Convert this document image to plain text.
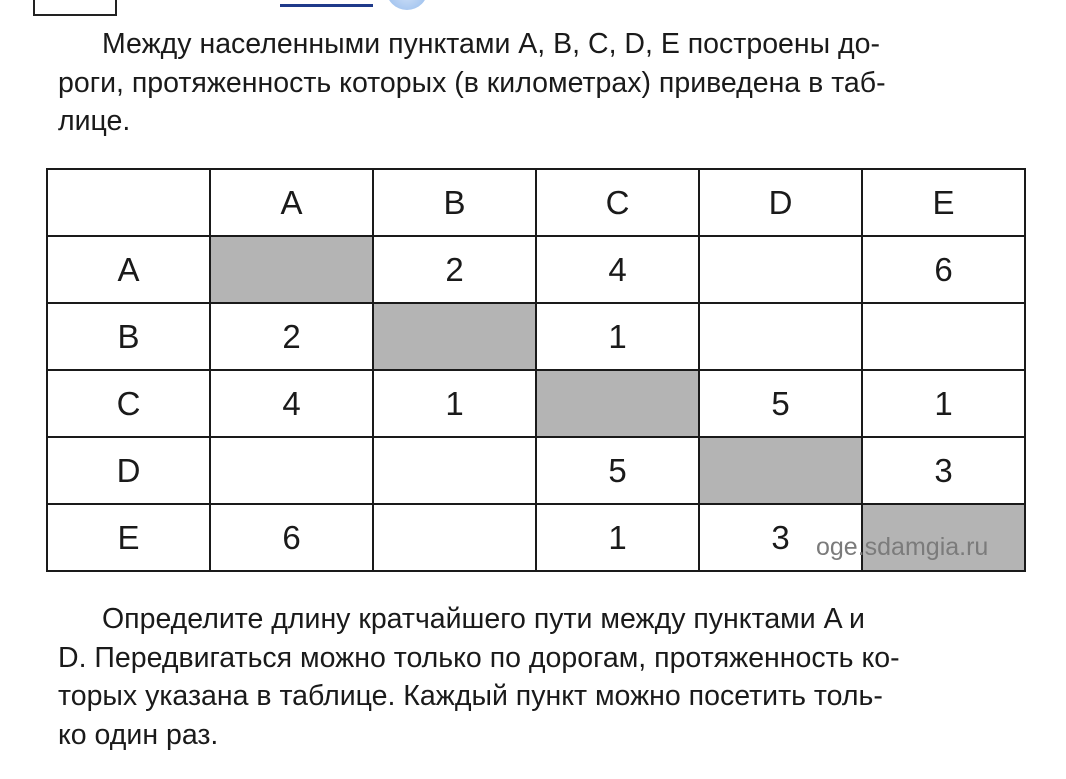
Между населенными пунктами A, B, C, D, E построены до-
роги, протяженность которых (в километрах) приведена в таб-
лице.

	A	B	C	D	E
A		2	4		6
B	2		1		
C	4	1		5	1
D			5		3
E	6		1	3	oge.sdamgia.ru

Определите длину кратчайшего пути между пунктами A и
D. Передвигаться можно только по дорогам, протяженность ко-
торых указана в таблице. Каждый пункт можно посетить толь-
ко один раз.
